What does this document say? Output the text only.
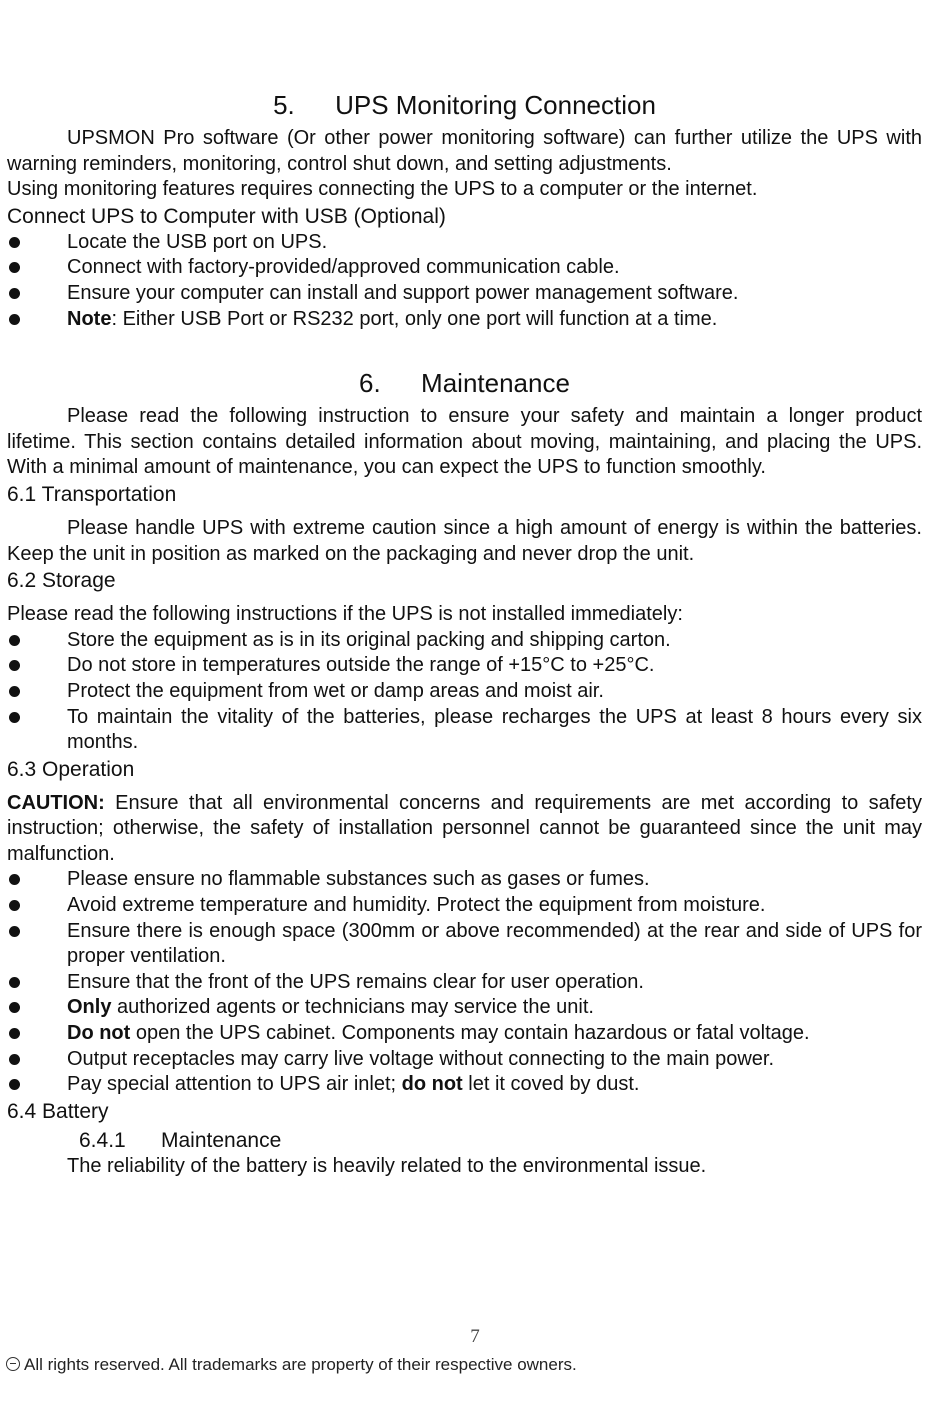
5. UPS Monitoring Connection

UPSMON Pro software (Or other power monitoring software) can further utilize the UPS with warning reminders, monitoring, control shut down, and setting adjustments.

Using monitoring features requires connecting the UPS to a computer or the internet.

Connect UPS to Computer with USB (Optional)

Locate the USB port on UPS.
Connect with factory-provided/approved communication cable.
Ensure your computer can install and support power management software.
Note: Either USB Port or RS232 port, only one port will function at a time.
6. Maintenance

Please read the following instruction to ensure your safety and maintain a longer product lifetime. This section contains detailed information about moving, maintaining, and placing the UPS. With a minimal amount of maintenance, you can expect the UPS to function smoothly.

6.1 Transportation

Please handle UPS with extreme caution since a high amount of energy is within the batteries. Keep the unit in position as marked on the packaging and never drop the unit.

6.2 Storage

Please read the following instructions if the UPS is not installed immediately:

Store the equipment as is in its original packing and shipping carton.
Do not store in temperatures outside the range of +15°C to +25°C.
Protect the equipment from wet or damp areas and moist air.
To maintain the vitality of the batteries, please recharges the UPS at least 8 hours every six months.

6.3 Operation

CAUTION: Ensure that all environmental concerns and requirements are met according to safety instruction; otherwise, the safety of installation personnel cannot be guaranteed since the unit may malfunction.

Please ensure no flammable substances such as gases or fumes.
Avoid extreme temperature and humidity. Protect the equipment from moisture.
Ensure there is enough space (300mm or above recommended) at the rear and side of UPS for proper ventilation.
Ensure that the front of the UPS remains clear for user operation.
Only authorized agents or technicians may service the unit.
Do not open the UPS cabinet. Components may contain hazardous or fatal voltage.
Output receptacles may carry live voltage without connecting to the main power.
Pay special attention to UPS air inlet; do not let it coved by dust.

6.4 Battery

6.4.1 Maintenance

The reliability of the battery is heavily related to the environmental issue.

7
All rights reserved. All trademarks are property of their respective owners.
